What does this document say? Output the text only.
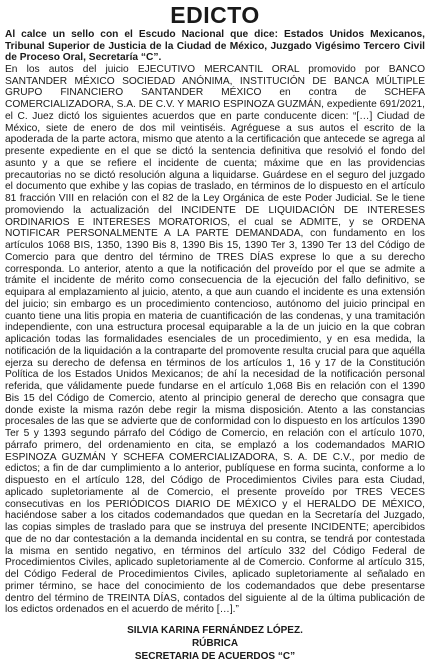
EDICTO

Al calce un sello con el Escudo Nacional que dice: Estados Unidos Mexicanos, Tribunal Superior de Justicia de la Ciudad de México, Juzgado Vigésimo Tercero Civil de Proceso Oral, Secretaría “C”.

En los autos del juicio EJECUTIVO MERCANTIL ORAL promovido por BANCO SANTANDER MÉXICO SOCIEDAD ANÓNIMA, INSTITUCIÓN DE BANCA MÚLTIPLE GRUPO FINANCIERO SANTANDER MÉXICO en contra de SCHEFA COMERCIALIZADORA, S.A. DE C.V. Y MARIO ESPINOZA GUZMÁN, expediente 691/2021, el C. Juez dictó los siguientes acuerdos que en parte conducente dicen: “[…] Ciudad de México, siete de enero de dos mil veintiséis. Agréguese a sus autos el escrito de la apoderada de la parte actora, mismo que atento a la certificación que antecede se agrega al presente expediente en el que se dictó la sentencia definitiva que resolvió el fondo del asunto y a que se refiere el incidente de cuenta; máxime que en las providencias precautorias no se dictó resolución alguna a liquidarse. Guárdese en el seguro del juzgado el documento que exhibe y las copias de traslado, en términos de lo dispuesto en el artículo 81 fracción VIII en relación con el 82 de la Ley Orgánica de este Poder Judicial. Se le tiene promoviendo la actualización del INCIDENTE DE LIQUIDACIÓN DE INTERESES ORDINARIOS E INTERESES MORATORIOS, el cual se ADMITE, y se ORDENA NOTIFICAR PERSONALMENTE A LA PARTE DEMANDADA, con fundamento en los artículos 1068 BIS, 1350, 1390 Bis 8, 1390 Bis 15, 1390 Ter 3, 1390 Ter 13 del Código de Comercio para que dentro del término de TRES DÍAS exprese lo que a su derecho corresponda. Lo anterior, atento a que la notificación del proveído por el que se admite a trámite el incidente de mérito como consecuencia de la ejecución del fallo definitivo, se equipara al emplazamiento al juicio, atento, a que aun cuando el incidente es una extensión del juicio; sin embargo es un procedimiento contencioso, autónomo del juicio principal en cuanto tiene una litis propia en materia de cuantificación de las condenas, y una tramitación independiente, con una estructura procesal equiparable a la de un juicio en la que cobran aplicación todas las formalidades esenciales de un procedimiento, y en esa medida, la notificación de la liquidación a la contraparte del promovente resulta crucial para que aquélla ejerza su derecho de defensa en términos de los artículos 1, 16 y 17 de la Constitución Política de los Estados Unidos Mexicanos; de ahí la necesidad de la notificación personal referida, que válidamente puede fundarse en el artículo 1,068 Bis en relación con el 1390 Bis 15 del Código de Comercio, atento al principio general de derecho que consagra que donde existe la misma razón debe regir la misma disposición. Atento a las constancias procesales de las que se advierte que de conformidad con lo dispuesto en los artículos 1390 Ter 5 y 1393 segundo párrafo del Código de Comercio, en relación con el artículo 1070, párrafo primero, del ordenamiento en cita, se emplazó a los codemandados MARIO ESPINOZA GUZMÁN Y SCHEFA COMERCIALIZADORA, S. A. DE C.V., por medio de edictos; a fin de dar cumplimiento a lo anterior, publíquese en forma sucinta, conforme a lo dispuesto en el artículo 128, del Código de Procedimientos Civiles para esta Ciudad, aplicado supletoriamente al de Comercio, el presente proveído por TRES VECES consecutivas en los PERIÓDICOS DIARIO DE MÉXICO y el HERALDO DE MÉXICO, haciéndose saber a los citados codemandados que quedan en la Secretaría del Juzgado, las copias simples de traslado para que se instruya del presente INCIDENTE; apercibidos que de no dar contestación a la demanda incidental en su contra, se tendrá por contestada la misma en sentido negativo, en términos del artículo 332 del Código Federal de Procedimientos Civiles, aplicado supletoriamente al de Comercio. Conforme al artículo 315, del Código Federal de Procedimientos Civiles, aplicado supletoriamente al señalado en primer término, se hace del conocimiento de los codemandados que debe presentarse dentro del término de TREINTA DÍAS, contados del siguiente al de la última publicación de los edictos ordenados en el acuerdo de mérito […].”

SILVIA KARINA FERNÁNDEZ LÓPEZ.
RÚBRICA
SECRETARIA DE ACUERDOS “C”
